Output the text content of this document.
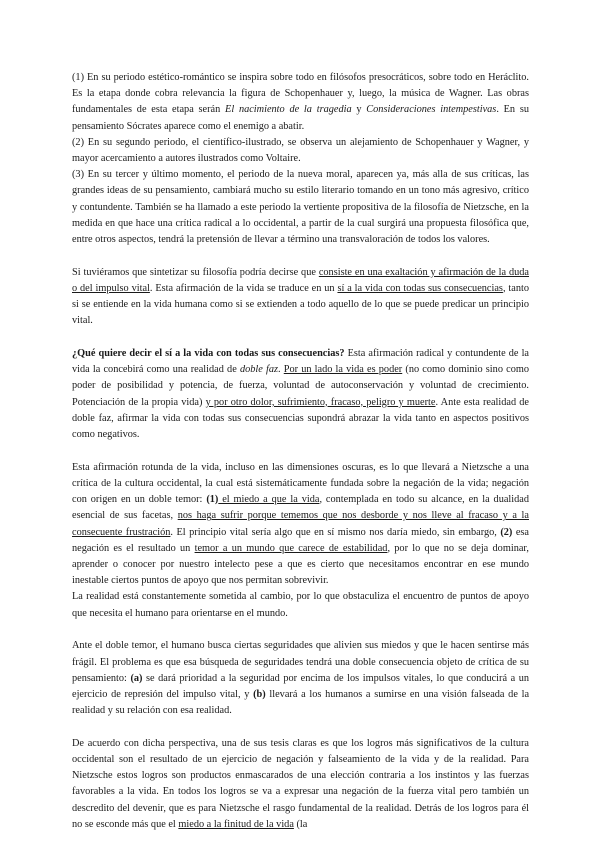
(1) En su periodo estético-romántico se inspira sobre todo en filósofos presocráticos, sobre todo en Heráclito. Es la etapa donde cobra relevancia la figura de Schopenhauer y, luego, la música de Wagner. Las obras fundamentales de esta etapa serán El nacimiento de la tragedia y Consideraciones intempestivas. En su pensamiento Sócrates aparece como el enemigo a abatir.

(2) En su segundo periodo, el científico-ilustrado, se observa un alejamiento de Schopenhauer y Wagner, y mayor acercamiento a autores ilustrados como Voltaire.

(3) En su tercer y último momento, el periodo de la nueva moral, aparecen ya, más alla de sus críticas, las grandes ideas de su pensamiento, cambiará mucho su estilo literario tomando en un tono más agresivo, crítico y contundente. También se ha llamado a este periodo la vertiente propositiva de la filosofía de Nietzsche, en la medida en que hace una crítica radical a lo occidental, a partir de la cual surgirá una propuesta filosófica que, entre otros aspectos, tendrá la pretensión de llevar a término una transvaloración de todos los valores.

Si tuviéramos que sintetizar su filosofía podría decirse que consiste en una exaltación y afirmación de la duda o del impulso vital. Esta afirmación de la vida se traduce en un sí a la vida con todas sus consecuencias, tanto si se entiende en la vida humana como si se extienden a todo aquello de lo que se puede predicar un principio vital.

¿Qué quiere decir el sí a la vida con todas sus consecuencias? Esta afirmación radical y contundente de la vida la concebirá como una realidad de doble faz. Por un lado la vida es poder (no como dominio sino como poder de posibilidad y potencia, de fuerza, voluntad de autoconservación y voluntad de crecimiento. Potenciación de la propia vida) y por otro dolor, sufrimiento, fracaso, peligro y muerte. Ante esta realidad de doble faz, afirmar la vida con todas sus consecuencias supondrá abrazar la vida tanto en aspectos positivos como negativos.

Esta afirmación rotunda de la vida, incluso en las dimensiones oscuras, es lo que llevará a Nietzsche a una crítica de la cultura occidental, la cual está sistemáticamente fundada sobre la negación de la vida; negación con origen en un doble temor: (1) el miedo a que la vida, contemplada en todo su alcance, en la dualidad esencial de sus facetas, nos haga sufrir porque tememos que nos desborde y nos lleve al fracaso y a la consecuente frustración. El principio vital sería algo que en sí mismo nos daría miedo, sin embargo, (2) esa negación es el resultado un temor a un mundo que carece de estabilidad, por lo que no se deja dominar, aprender o conocer por nuestro intelecto pese a que es cierto que necesitamos encontrar en ese mundo inestable ciertos puntos de apoyo que nos permitan sobrevivir.

La realidad está constantemente sometida al cambio, por lo que obstaculiza el encuentro de puntos de apoyo que necesita el humano para orientarse en el mundo.

Ante el doble temor, el humano busca ciertas seguridades que alivien sus miedos y que le hacen sentirse más frágil. El problema es que esa búsqueda de seguridades tendrá una doble consecuencia objeto de crítica de su pensamiento: (a) se dará prioridad a la seguridad por encima de los impulsos vitales, lo que conducirá a un ejercicio de represión del impulso vital, y (b) llevará a los humanos a sumirse en una visión falseada de la realidad y su relación con esa realidad.

De acuerdo con dicha perspectiva, una de sus tesis claras es que los logros más significativos de la cultura occidental son el resultado de un ejercicio de negación y falseamiento de la vida y de la realidad. Para Nietzsche estos logros son productos enmascarados de una elección contraria a los instintos y las fuerzas favorables a la vida. En todos los logros se va a expresar una negación de la fuerza vital pero también un descredito del devenir, que es para Nietzsche el rasgo fundamental de la realidad. Detrás de los logros para él no se esconde más que el miedo a la finitud de la vida (la
